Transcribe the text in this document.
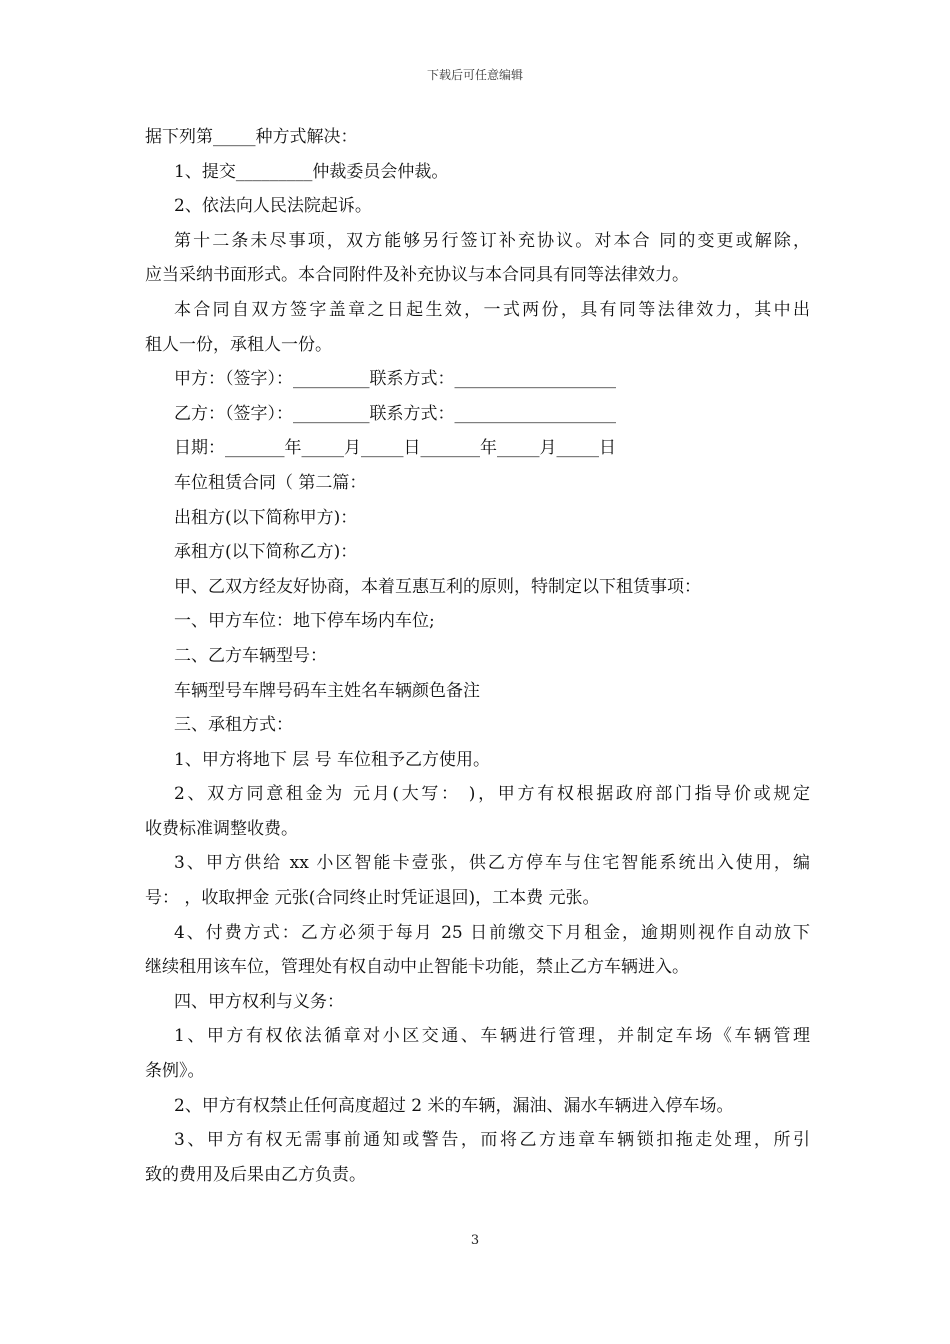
下载后可任意编辑
据下列第_____种方式解决：
1、提交_________仲裁委员会仲裁。
2、依法向人民法院起诉。
第十二条未尽事项，双方能够另行签订补充协议。对本合 同的变更或解除，
应当采纳书面形式。本合同附件及补充协议与本合同具有同等法律效力。
本合同自双方签字盖章之日起生效，一式两份，具有同等法律效力，其中出
租人一份，承租人一份。
甲方：（签字）：_________联系方式：___________________
乙方：（签字）：_________联系方式：___________________
日期：_______年_____月_____日_______年_____月_____日
车位租赁合同（ 第二篇：
出租方(以下简称甲方)：
承租方(以下简称乙方)：
甲、乙双方经友好协商，本着互惠互利的原则，特制定以下租赁事项：
一、甲方车位：地下停车场内车位;
二、乙方车辆型号：
车辆型号车牌号码车主姓名车辆颜色备注
三、承租方式：
1、甲方将地下 层 号 车位租予乙方使用。
2、双方同意租金为 元月(大写： )，甲方有权根据政府部门指导价或规定
收费标准调整收费。
3、甲方供给 xx 小区智能卡壹张，供乙方停车与住宅智能系统出入使用，编
号： ，收取押金 元张(合同终止时凭证退回)，工本费 元张。
4、付费方式：乙方必须于每月 25 日前缴交下月租金，逾期则视作自动放下
继续租用该车位，管理处有权自动中止智能卡功能，禁止乙方车辆进入。
四、甲方权利与义务：
1、甲方有权依法循章对小区交通、车辆进行管理，并制定车场《车辆管理
条例》。
2、甲方有权禁止任何高度超过 2 米的车辆，漏油、漏水车辆进入停车场。
3、甲方有权无需事前通知或警告，而将乙方违章车辆锁扣拖走处理，所引
致的费用及后果由乙方负责。
3
